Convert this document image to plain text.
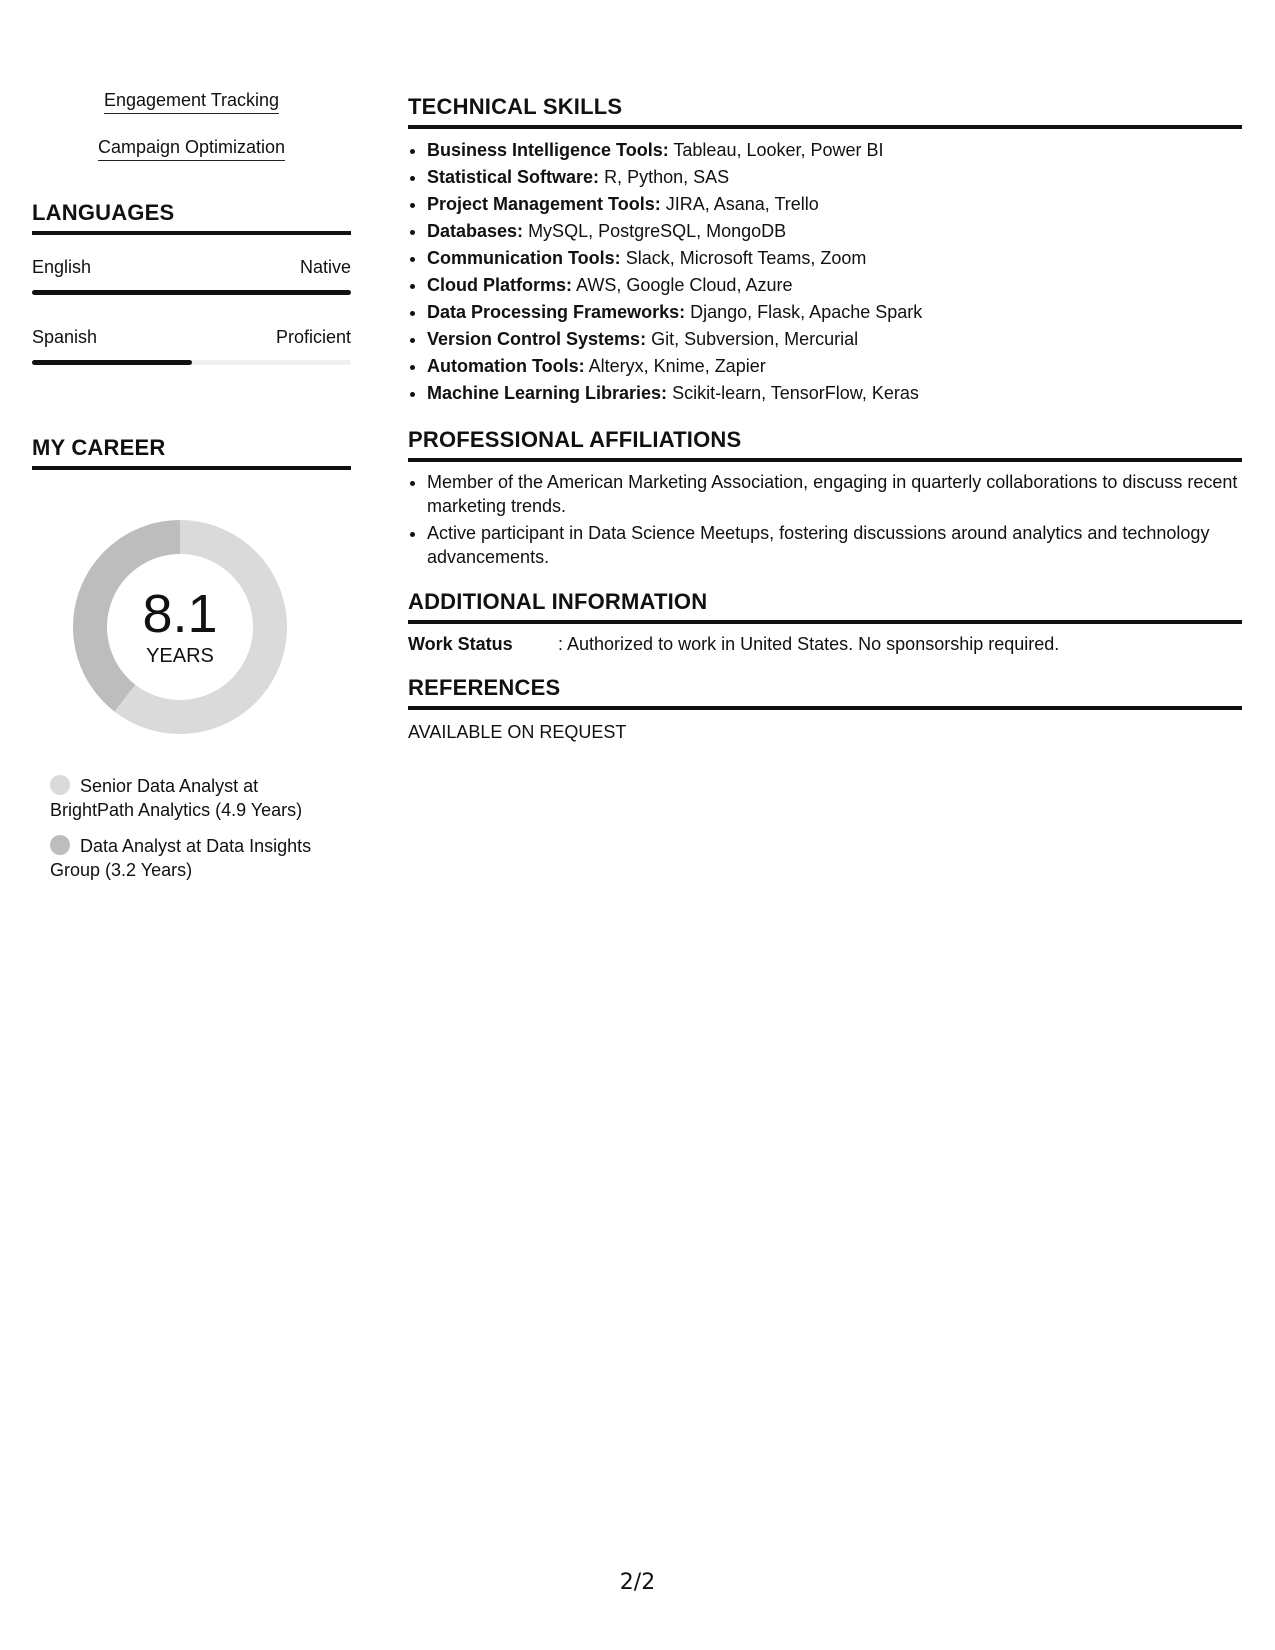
Engagement Tracking
Campaign Optimization
LANGUAGES
English	Native
Spanish	Proficient
MY CAREER
8.1
YEARS
Senior Data Analyst at BrightPath Analytics (4.9 Years)
Data Analyst at Data Insights Group (3.2 Years)
TECHNICAL SKILLS
• Business Intelligence Tools: Tableau, Looker, Power BI
• Statistical Software: R, Python, SAS
• Project Management Tools: JIRA, Asana, Trello
• Databases: MySQL, PostgreSQL, MongoDB
• Communication Tools: Slack, Microsoft Teams, Zoom
• Cloud Platforms: AWS, Google Cloud, Azure
• Data Processing Frameworks: Django, Flask, Apache Spark
• Version Control Systems: Git, Subversion, Mercurial
• Automation Tools: Alteryx, Knime, Zapier
• Machine Learning Libraries: Scikit-learn, TensorFlow, Keras
PROFESSIONAL AFFILIATIONS
• Member of the American Marketing Association, engaging in quarterly collaborations to discuss recent marketing trends.
• Active participant in Data Science Meetups, fostering discussions around analytics and technology advancements.
ADDITIONAL INFORMATION
Work Status	: Authorized to work in United States. No sponsorship required.
REFERENCES
AVAILABLE ON REQUEST
2/2
